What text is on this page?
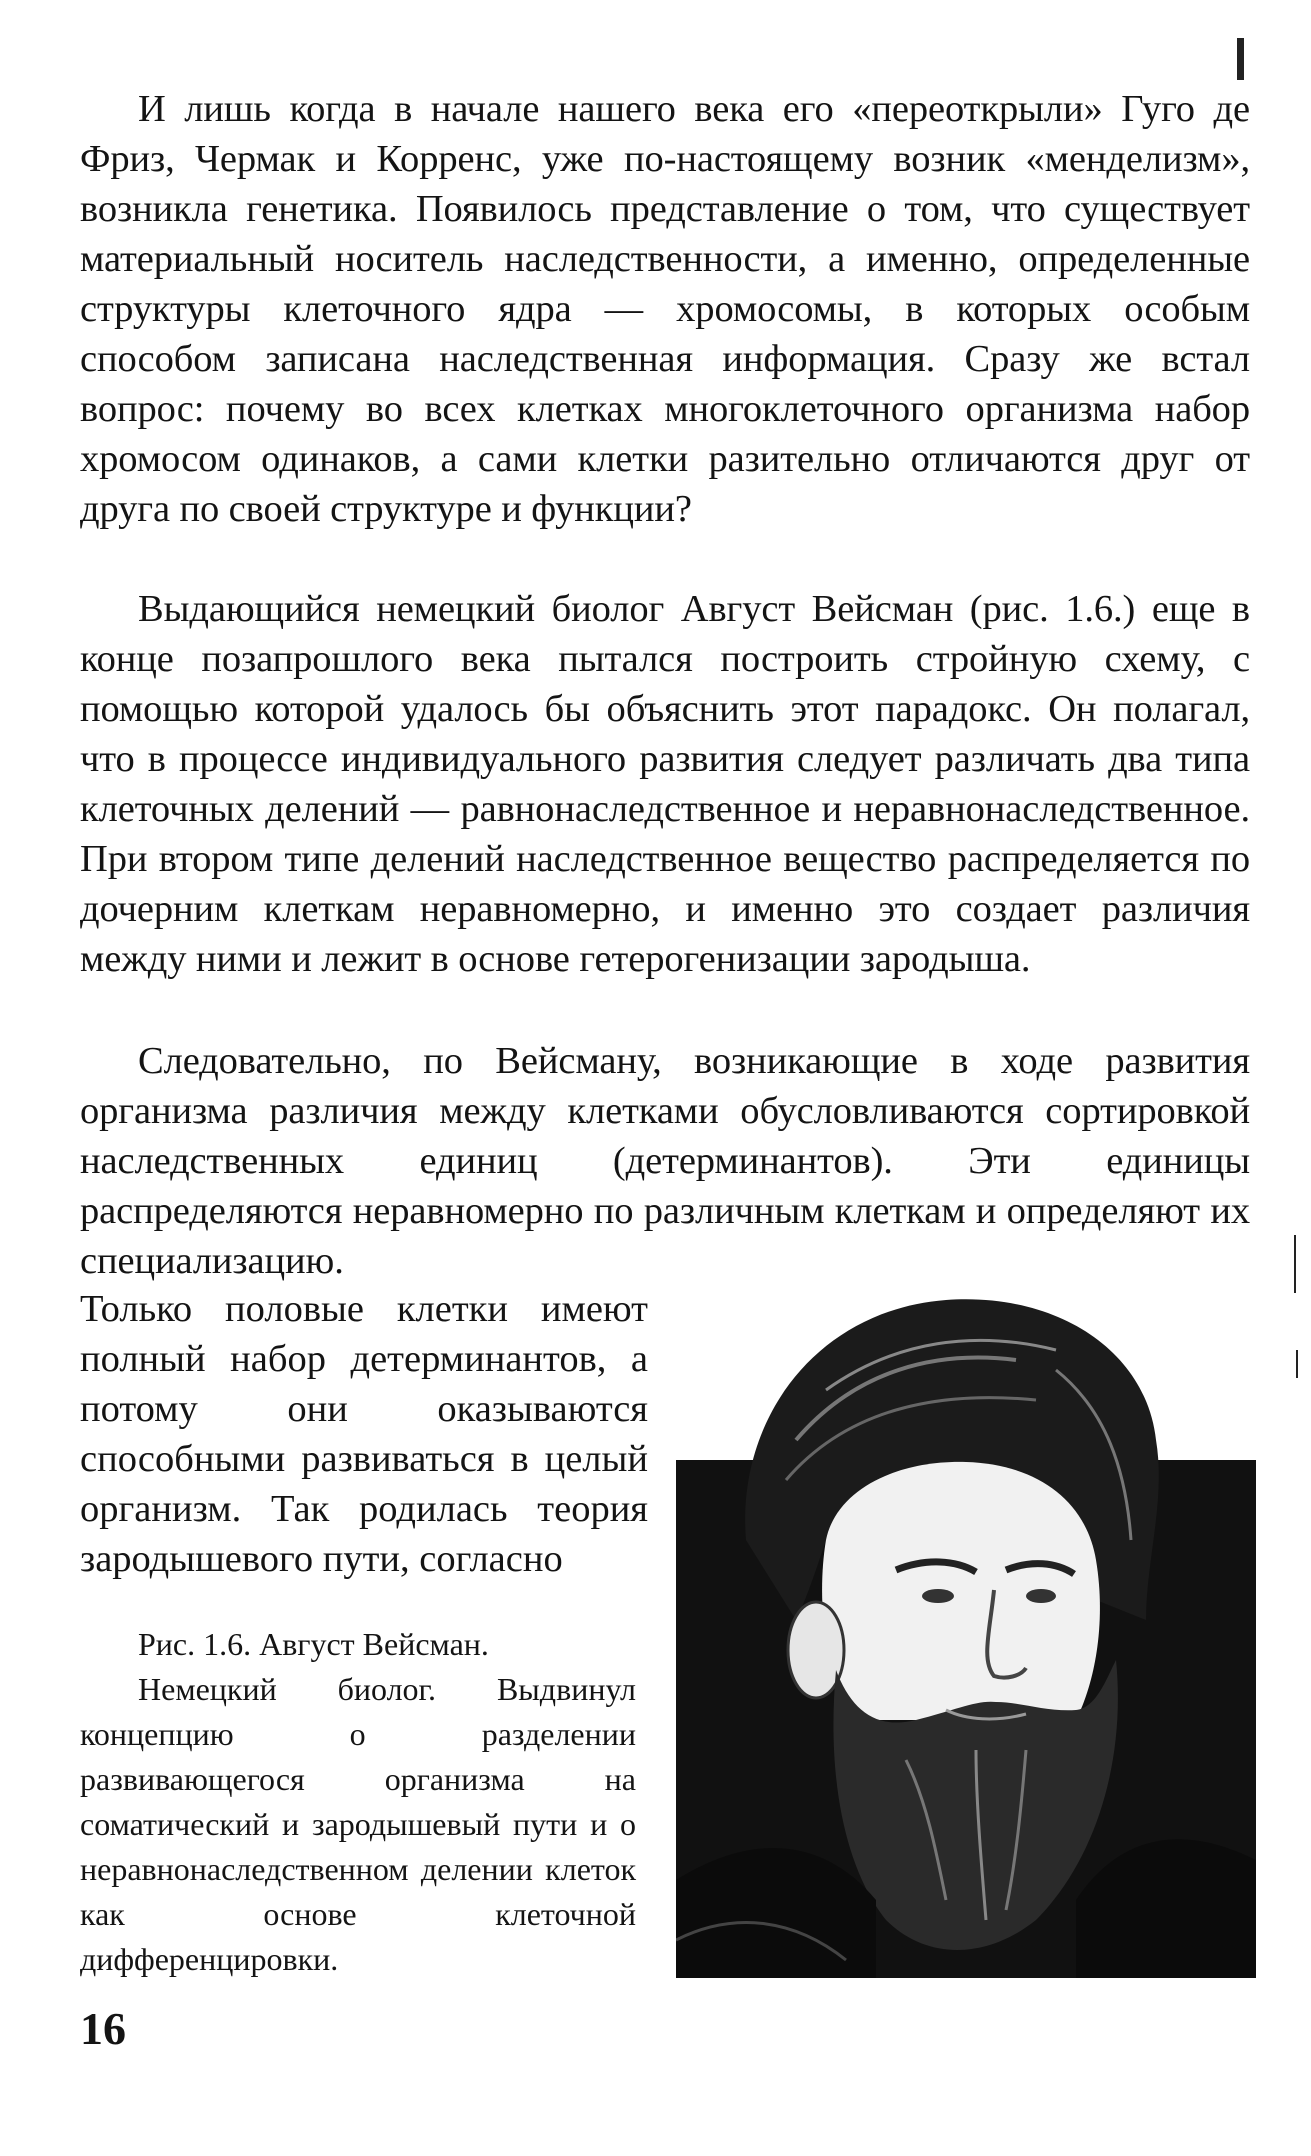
И лишь когда в начале нашего века его «переоткрыли» Гуго де Фриз, Чермак и Корренс, уже по-настоящему возник «менделизм», возникла генетика. Появилось представление о том, что существует материальный носитель наследственности, а именно, определенные структуры клеточного ядра — хромосомы, в которых особым способом записана наследственная информация. Сразу же встал вопрос: почему во всех клетках многоклеточного организма набор хромосом одинаков, а сами клетки разительно отличаются друг от друга по своей структуре и функции?

Выдающийся немецкий биолог Август Вейсман (рис. 1.6.) еще в конце позапрошлого века пытался построить стройную схему, с помощью которой удалось бы объяснить этот парадокс. Он полагал, что в процессе индивидуального развития следует различать два типа клеточных делений — равнонаследственное и неравнонаследственное. При втором типе делений наследственное вещество распределяется по дочерним клеткам неравномерно, и именно это создает различия между ними и лежит в основе гетерогенизации зародыша.

Следовательно, по Вейсману, возникающие в ходе развития организма различия между клетками обусловливаются сортировкой наследственных единиц (детерминантов). Эти единицы распределяются неравномерно по различным клеткам и определяют их специализацию.

Только половые клетки имеют полный набор детерминантов, а потому они оказываются способными развиваться в целый организм. Так родилась теория зародышевого пути, согласно

Рис. 1.6. Август Вейсман.
Немецкий биолог. Выдвинул концепцию о разделении развивающегося организма на соматический и зародышевый пути и о неравнонаследственном делении клеток как основе клеточной дифференцировки.
16
